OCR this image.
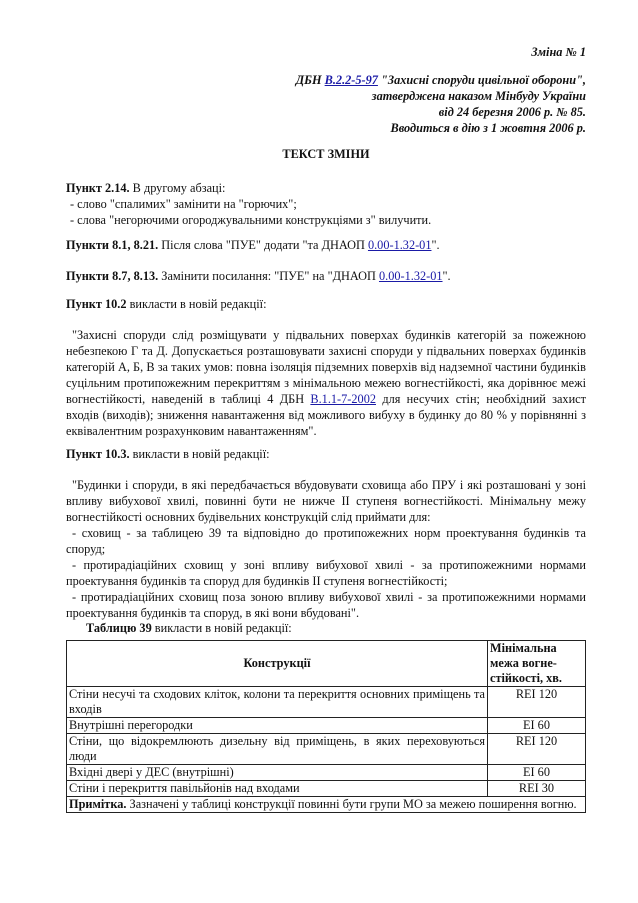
Зміна № 1
ДБН В.2.2-5-97 "Захисні споруди цивільної оборони",
затверджена наказом Мінбуду України
від 24 березня 2006 р. № 85.
Вводиться в дію з 1 жовтня 2006 р.
ТЕКСТ ЗМІНИ
Пункт 2.14. В другому абзаці:
- слово "спалимих" замінити на "горючих";
- слова "негорючими огороджувальними конструкціями з" вилучити.
Пункти 8.1, 8.21. Після слова "ПУЕ" додати "та ДНАОП 0.00-1.32-01".
Пункти 8.7, 8.13. Замінити посилання: "ПУЕ" на "ДНАОП 0.00-1.32-01".
Пункт 10.2 викласти в новій редакції:
"Захисні споруди слід розміщувати у підвальних поверхах будинків категорій за пожежною небезпекою Г та Д. Допускається розташовувати захисні споруди у підвальних поверхах будинків категорій А, Б, В за таких умов: повна ізоляція підземних поверхів від надземної частини будинків суцільним протипожежним перекриттям з мінімальною межею вогнестійкості, яка дорівнює межі вогнестійкості, наведеній в таблиці 4 ДБН В.1.1-7-2002 для несучих стін; необхідний захист входів (виходів); зниження навантаження від можливого вибуху в будинку до 80 % у порівнянні з еквівалентним розрахунковим навантаженням".
Пункт 10.3. викласти в новій редакції:
"Будинки і споруди, в які передбачається вбудовувати сховища або ПРУ і які розташовані у зоні впливу вибухової хвилі, повинні бути не нижче II ступеня вогнестійкості. Мінімальну межу вогнестійкості основних будівельних конструкцій слід приймати для:
- сховищ - за таблицею 39 та відповідно до протипожежних норм проектування будинків та споруд;
- протирадіаційних сховищ у зоні впливу вибухової хвилі - за протипожежними нормами проектування будинків та споруд для будинків II ступеня вогнестійкості;
- протирадіаційних сховищ поза зоною впливу вибухової хвилі - за протипожежними нормами проектування будинків та споруд, в які вони вбудовані".
Таблицю 39 викласти в новій редакції:
Конструкції	Мінімальна межа вогне-стійкості, хв.
Стіни несучі та сходових кліток, колони та перекриття основних приміщень та входів	REI 120
Внутрішні перегородки	ЕІ 60
Стіни, що відокремлюють дизельну від приміщень, в яких переховуються люди	REI 120
Вхідні двері у ДЕС (внутрішні)	ЕІ 60
Стіни і перекриття павільйонів над входами	REI 30
Примітка. Зазначені у таблиці конструкції повинні бути групи МО за межею поширення вогню.	
